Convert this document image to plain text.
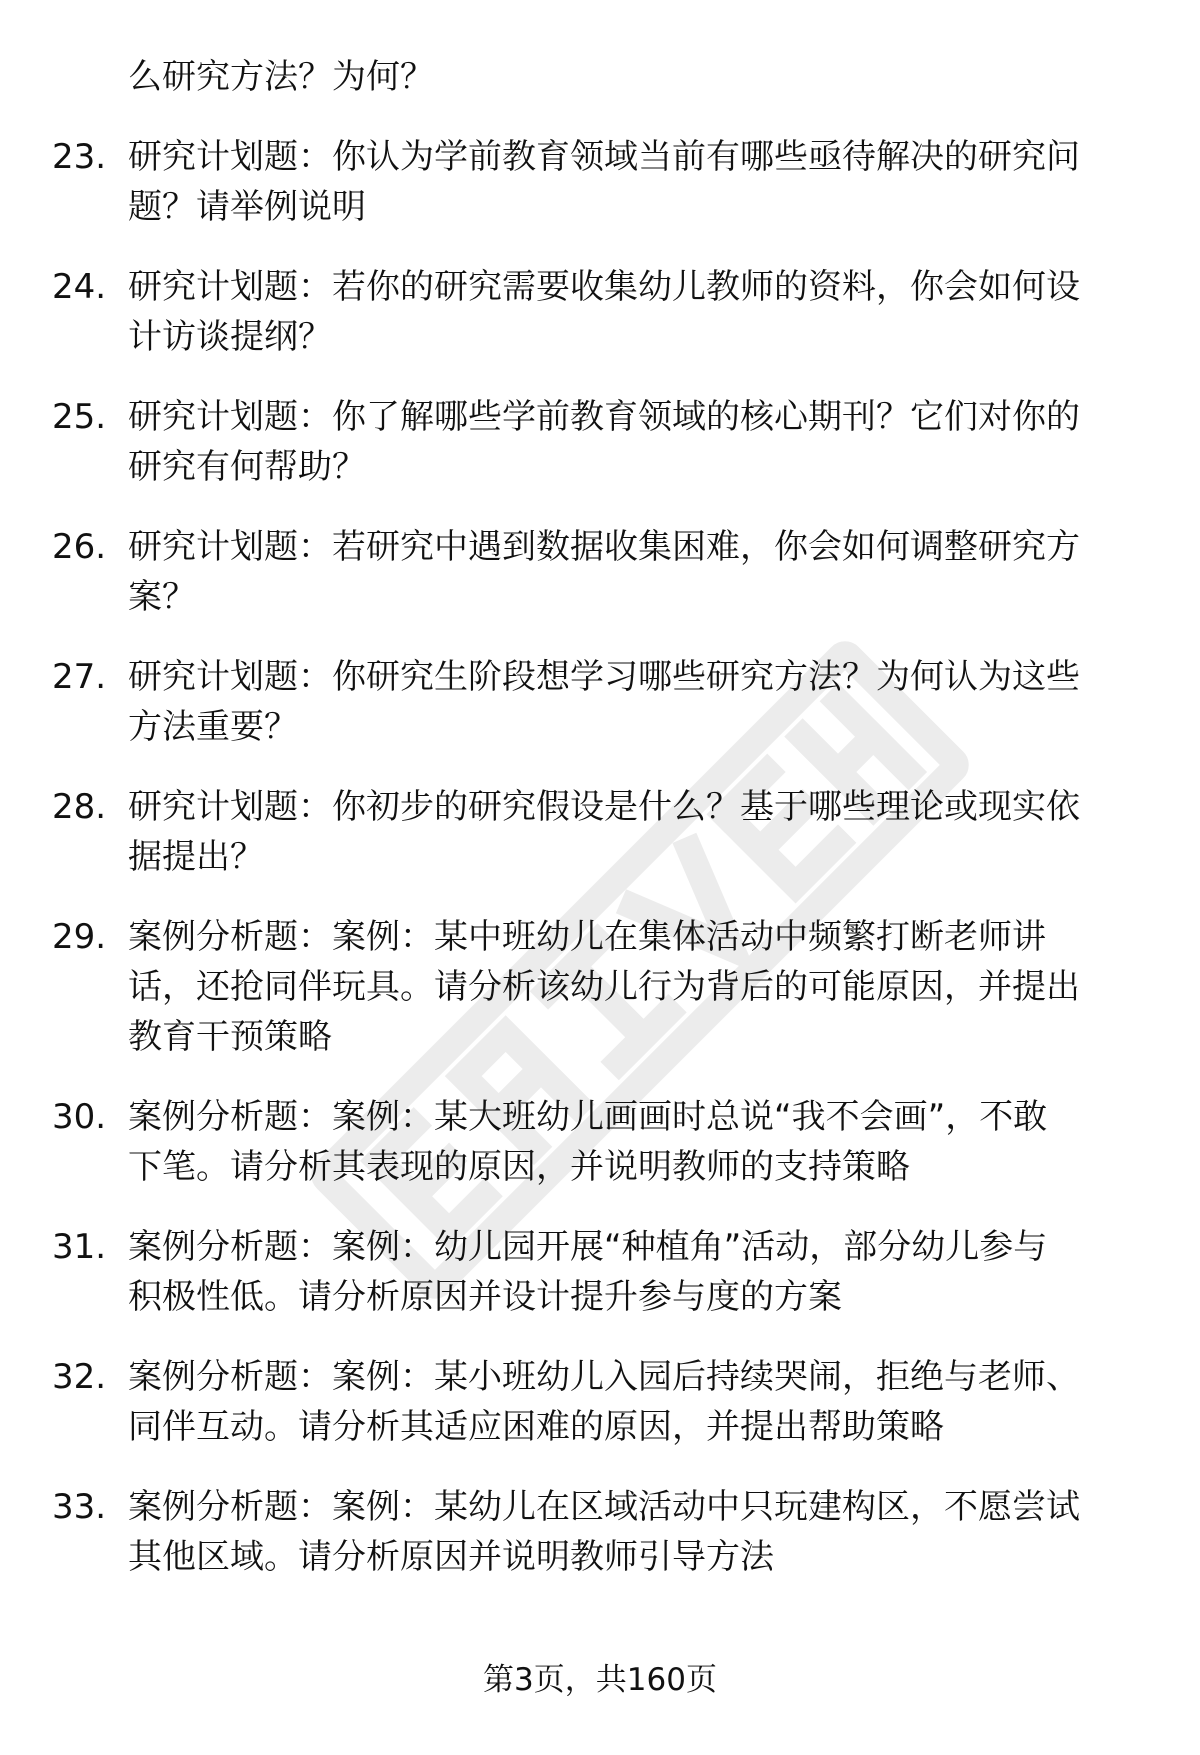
么研究方法？为何？
23. 研究计划题：你认为学前教育领域当前有哪些亟待解决的研究问
题？请举例说明
24. 研究计划题：若你的研究需要收集幼儿教师的资料，你会如何设
计访谈提纲？
25. 研究计划题：你了解哪些学前教育领域的核心期刊？它们对你的
研究有何帮助？
26. 研究计划题：若研究中遇到数据收集困难，你会如何调整研究方
案？
27. 研究计划题：你研究生阶段想学习哪些研究方法？为何认为这些
方法重要？
28. 研究计划题：你初步的研究假设是什么？基于哪些理论或现实依
据提出？
29. 案例分析题：案例：某中班幼儿在集体活动中频繁打断老师讲
话，还抢同伴玩具。请分析该幼儿行为背后的可能原因，并提出
教育干预策略
30. 案例分析题：案例：某大班幼儿画画时总说“我不会画”，不敢
下笔。请分析其表现的原因，并说明教师的支持策略
31. 案例分析题：案例：幼儿园开展“种植角”活动，部分幼儿参与
积极性低。请分析原因并设计提升参与度的方案
32. 案例分析题：案例：某小班幼儿入园后持续哭闹，拒绝与老师、
同伴互动。请分析其适应困难的原因，并提出帮助策略
33. 案例分析题：案例：某幼儿在区域活动中只玩建构区，不愿尝试
其他区域。请分析原因并说明教师引导方法
第3页，共160页
